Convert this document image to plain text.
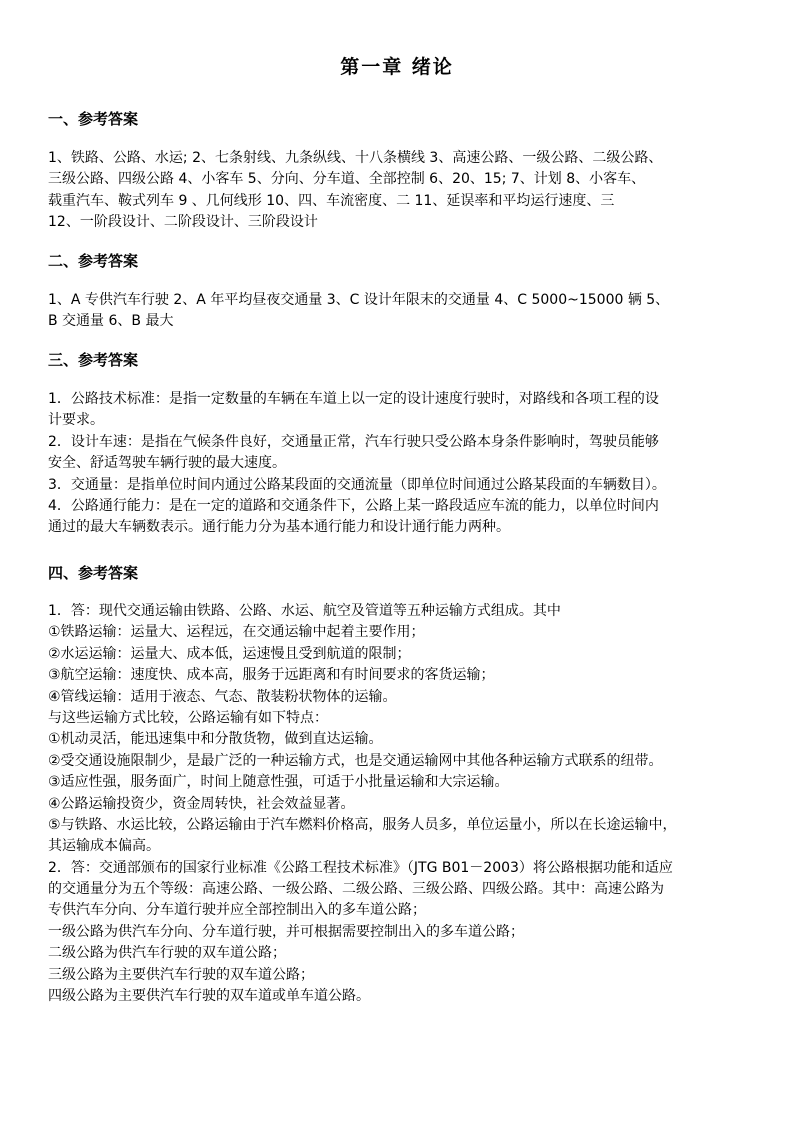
第一章 绪论
一、参考答案
1、铁路、公路、水运; 2、七条射线、九条纵线、十八条横线 3、高速公路、一级公路、二级公路、
三级公路、四级公路 4、小客车 5、分向、分车道、全部控制 6、20、15; 7、计划 8、小客车、
载重汽车、鞍式列车 9 、几何线形 10、四、车流密度、二 11、延误率和平均运行速度、三
12、一阶段设计、二阶段设计、三阶段设计
二、参考答案
1、A 专供汽车行驶 2、A 年平均昼夜交通量 3、C 设计年限末的交通量 4、C 5000~15000 辆 5、
B 交通量 6、B 最大
三、参考答案
1．公路技术标准：是指一定数量的车辆在车道上以一定的设计速度行驶时，对路线和各项工程的设
计要求。
2．设计车速：是指在气候条件良好，交通量正常，汽车行驶只受公路本身条件影响时，驾驶员能够
安全、舒适驾驶车辆行驶的最大速度。
3．交通量：是指单位时间内通过公路某段面的交通流量（即单位时间通过公路某段面的车辆数目）。
4．公路通行能力：是在一定的道路和交通条件下，公路上某一路段适应车流的能力，以单位时间内
通过的最大车辆数表示。通行能力分为基本通行能力和设计通行能力两种。
四、参考答案
1．答：现代交通运输由铁路、公路、水运、航空及管道等五种运输方式组成。其中
①铁路运输：运量大、运程远，在交通运输中起着主要作用；
②水运运输：运量大、成本低，运速慢且受到航道的限制；
③航空运输：速度快、成本高，服务于远距离和有时间要求的客货运输；
④管线运输：适用于液态、气态、散装粉状物体的运输。
与这些运输方式比较，公路运输有如下特点：
①机动灵活，能迅速集中和分散货物，做到直达运输。
②受交通设施限制少，是最广泛的一种运输方式，也是交通运输网中其他各种运输方式联系的纽带。
③适应性强，服务面广，时间上随意性强，可适于小批量运输和大宗运输。
④公路运输投资少，资金周转快，社会效益显著。
⑤与铁路、水运比较，公路运输由于汽车燃料价格高，服务人员多，单位运量小，所以在长途运输中，
其运输成本偏高。
2．答：交通部颁布的国家行业标准《公路工程技术标准》（JTG B01－2003）将公路根据功能和适应
的交通量分为五个等级：高速公路、一级公路、二级公路、三级公路、四级公路。其中：高速公路为
专供汽车分向、分车道行驶并应全部控制出入的多车道公路；
一级公路为供汽车分向、分车道行驶，并可根据需要控制出入的多车道公路；
二级公路为供汽车行驶的双车道公路；
三级公路为主要供汽车行驶的双车道公路；
四级公路为主要供汽车行驶的双车道或单车道公路。
